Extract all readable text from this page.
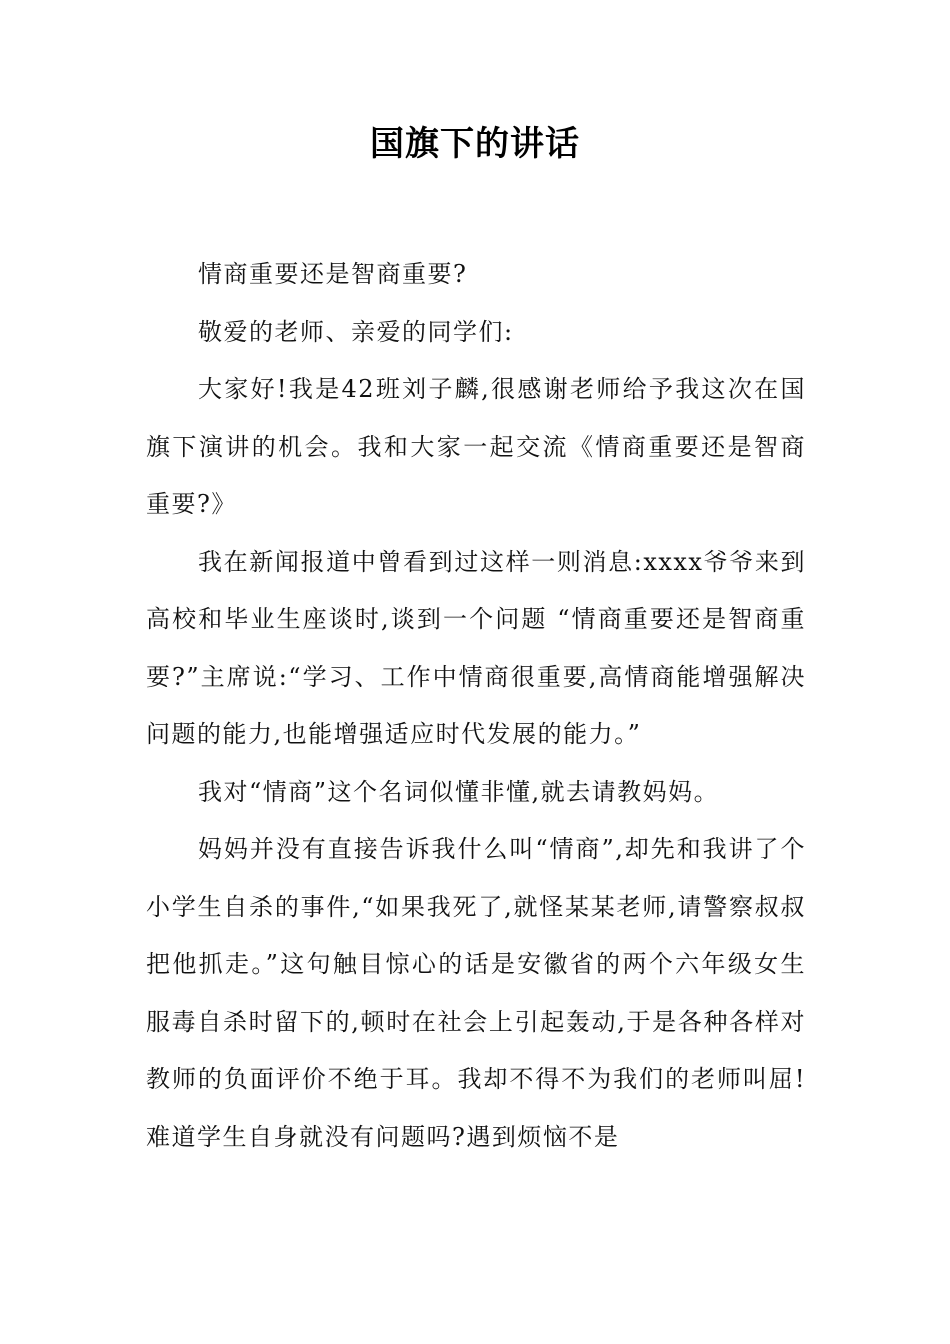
国旗下的讲话

情商重要还是智商重要?

敬爱的老师、亲爱的同学们:

大家好!我是42班刘子麟,很感谢老师给予我这次在国旗下演讲的机会。我和大家一起交流《情商重要还是智商重要?》

我在新闻报道中曾看到过这样一则消息:xxxx爷爷来到高校和毕业生座谈时,谈到一个问题 “情商重要还是智商重要?”主席说:“学习、工作中情商很重要,高情商能增强解决问题的能力,也能增强适应时代发展的能力。”

我对“情商”这个名词似懂非懂,就去请教妈妈。

妈妈并没有直接告诉我什么叫“情商”,却先和我讲了个小学生自杀的事件,“如果我死了,就怪某某老师,请警察叔叔把他抓走。”这句触目惊心的话是安徽省的两个六年级女生服毒自杀时留下的,顿时在社会上引起轰动,于是各种各样对教师的负面评价不绝于耳。我却不得不为我们的老师叫屈!难道学生自身就没有问题吗?遇到烦恼不是
